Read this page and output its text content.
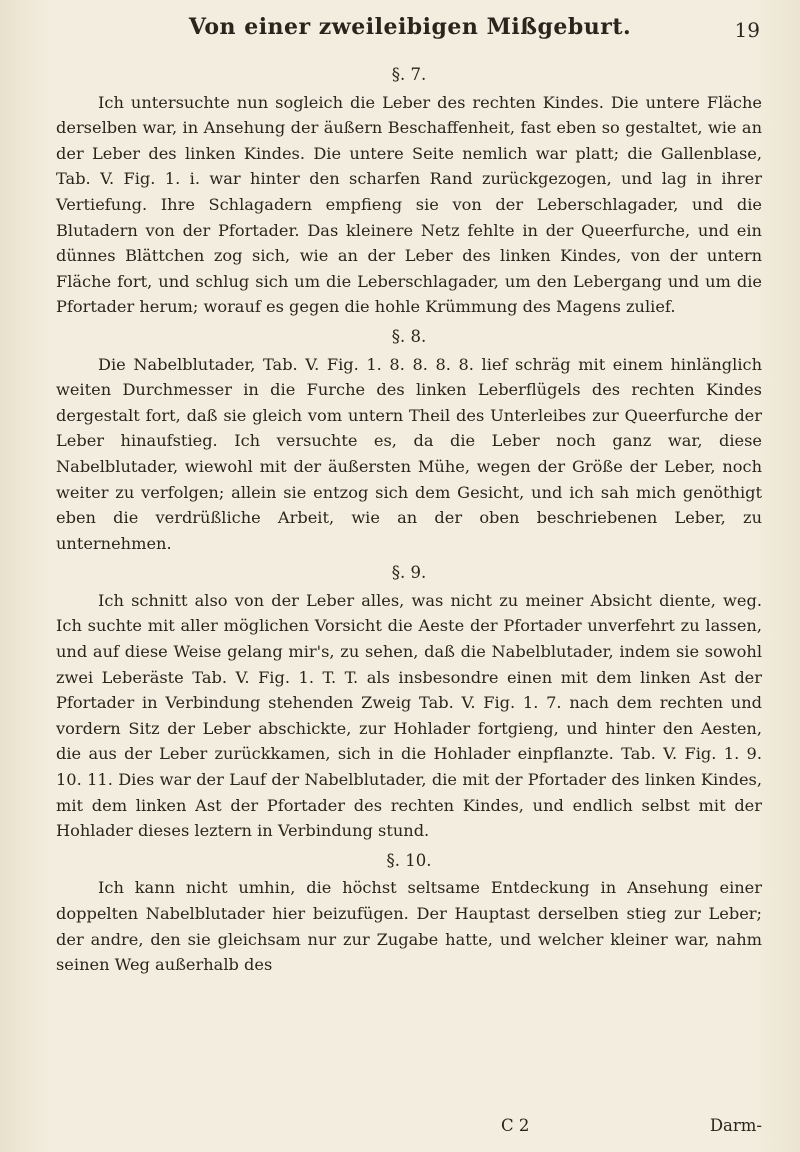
Von einer zweileibigen Mißgeburt.	19
§. 7.

Ich untersuchte nun sogleich die Leber des rechten Kindes. Die untere Fläche derselben war, in Ansehung der äußern Beschaffenheit, fast eben so gestaltet, wie an der Leber des linken Kindes. Die untere Seite nemlich war platt; die Gallenblase, Tab. V. Fig. 1. i. war hinter den scharfen Rand zurückgezogen, und lag in ihrer Vertiefung. Ihre Schlagadern empfieng sie von der Leberschlagader, und die Blutadern von der Pfortader. Das kleinere Netz fehlte in der Queerfurche, und ein dünnes Blättchen zog sich, wie an der Leber des linken Kindes, von der untern Fläche fort, und schlug sich um die Leberschlagader, um den Lebergang und um die Pfortader herum; worauf es gegen die hohle Krümmung des Magens zulief.

§. 8.

Die Nabelblutader, Tab. V. Fig. 1. 8. 8. 8. 8. lief schräg mit einem hinlänglich weiten Durchmesser in die Furche des linken Leberflügels des rechten Kindes dergestalt fort, daß sie gleich vom untern Theil des Unterleibes zur Queerfurche der Leber hinaufstieg. Ich versuchte es, da die Leber noch ganz war, diese Nabelblutader, wiewohl mit der äußersten Mühe, wegen der Größe der Leber, noch weiter zu verfolgen; allein sie entzog sich dem Gesicht, und ich sah mich genöthigt eben die verdrüßliche Arbeit, wie an der oben beschriebenen Leber, zu unternehmen.

§. 9.

Ich schnitt also von der Leber alles, was nicht zu meiner Absicht diente, weg. Ich suchte mit aller möglichen Vorsicht die Aeste der Pfortader unverfehrt zu lassen, und auf diese Weise gelang mir's, zu sehen, daß die Nabelblutader, indem sie sowohl zwei Leberäste Tab. V. Fig. 1. T. T. als insbesondre einen mit dem linken Ast der Pfortader in Verbindung stehenden Zweig Tab. V. Fig. 1. 7. nach dem rechten und vordern Sitz der Leber abschickte, zur Hohlader fortgieng, und hinter den Aesten, die aus der Leber zurückkamen, sich in die Hohlader einpflanzte. Tab. V. Fig. 1. 9. 10. 11. Dies war der Lauf der Nabelblutader, die mit der Pfortader des linken Kindes, mit dem linken Ast der Pfortader des rechten Kindes, und endlich selbst mit der Hohlader dieses leztern in Verbindung stund.

§. 10.

Ich kann nicht umhin, die höchst seltsame Entdeckung in Ansehung einer doppelten Nabelblutader hier beizufügen. Der Hauptast derselben stieg zur Leber; der andre, den sie gleichsam nur zur Zugabe hatte, und welcher kleiner war, nahm seinen Weg außerhalb des

C 2	Darm-
